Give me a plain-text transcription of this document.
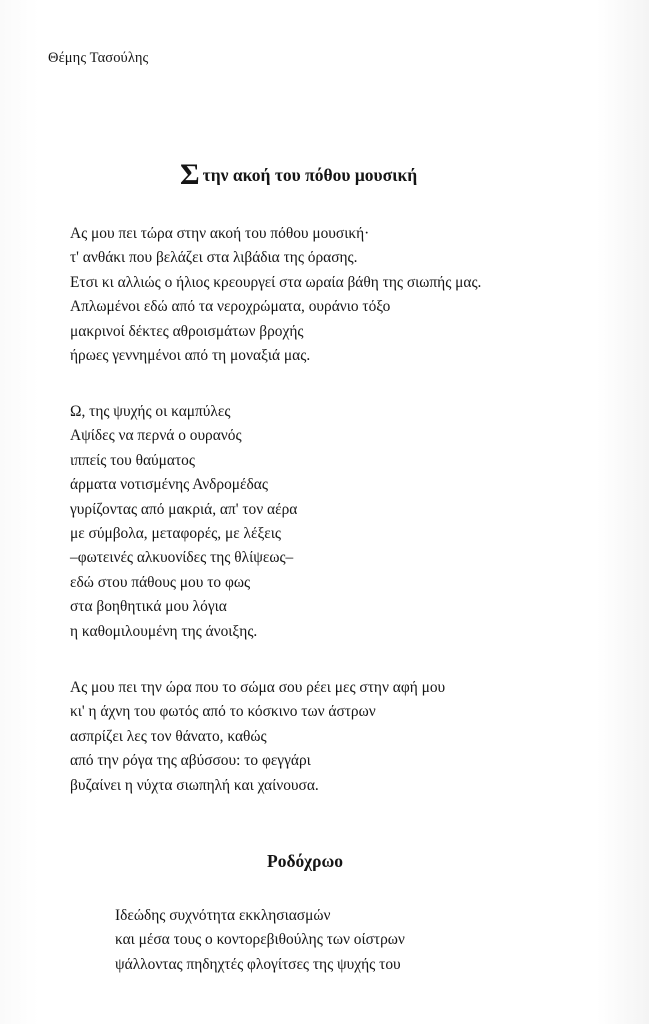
Θέμης Τασούλης
Στην ακοή του πόθου μουσική
Ας μου πει τώρα στην ακοή του πόθου μουσική·
τ' ανθάκι που βελάζει στα λιβάδια της όρασης.
Ετσι κι αλλιώς ο ήλιος κρεουργεί στα ωραία βάθη της σιωπής μας.
Απλωμένοι εδώ από τα νεροχρώματα, ουράνιο τόξο
μακρινοί δέκτες αθροισμάτων βροχής
ήρωες γεννημένοι από τη μοναξιά μας.
Ω, της ψυχής οι καμπύλες
Αψίδες να περνά ο ουρανός
ιππείς του θαύματος
άρματα νοτισμένης Ανδρομέδας
γυρίζοντας από μακριά, απ' τον αέρα
με σύμβολα, μεταφορές, με λέξεις
–φωτεινές αλκυονίδες της θλίψεως–
εδώ στου πάθους μου το φως
στα βοηθητικά μου λόγια
η καθομιλουμένη της άνοιξης.
Ας μου πει την ώρα που το σώμα σου ρέει μες στην αφή μου
κι' η άχνη του φωτός από το κόσκινο των άστρων
ασπρίζει λες τον θάνατο, καθώς
από την ρόγα της αβύσσου: το φεγγάρι
βυζαίνει η νύχτα σιωπηλή και χαίνουσα.
Ροδόχρωο
Ιδεώδης συχνότητα εκκλησιασμών
και μέσα τους ο κοντορεβιθούλης των οίστρων
ψάλλοντας πηδηχτές φλογίτσες της ψυχής του
